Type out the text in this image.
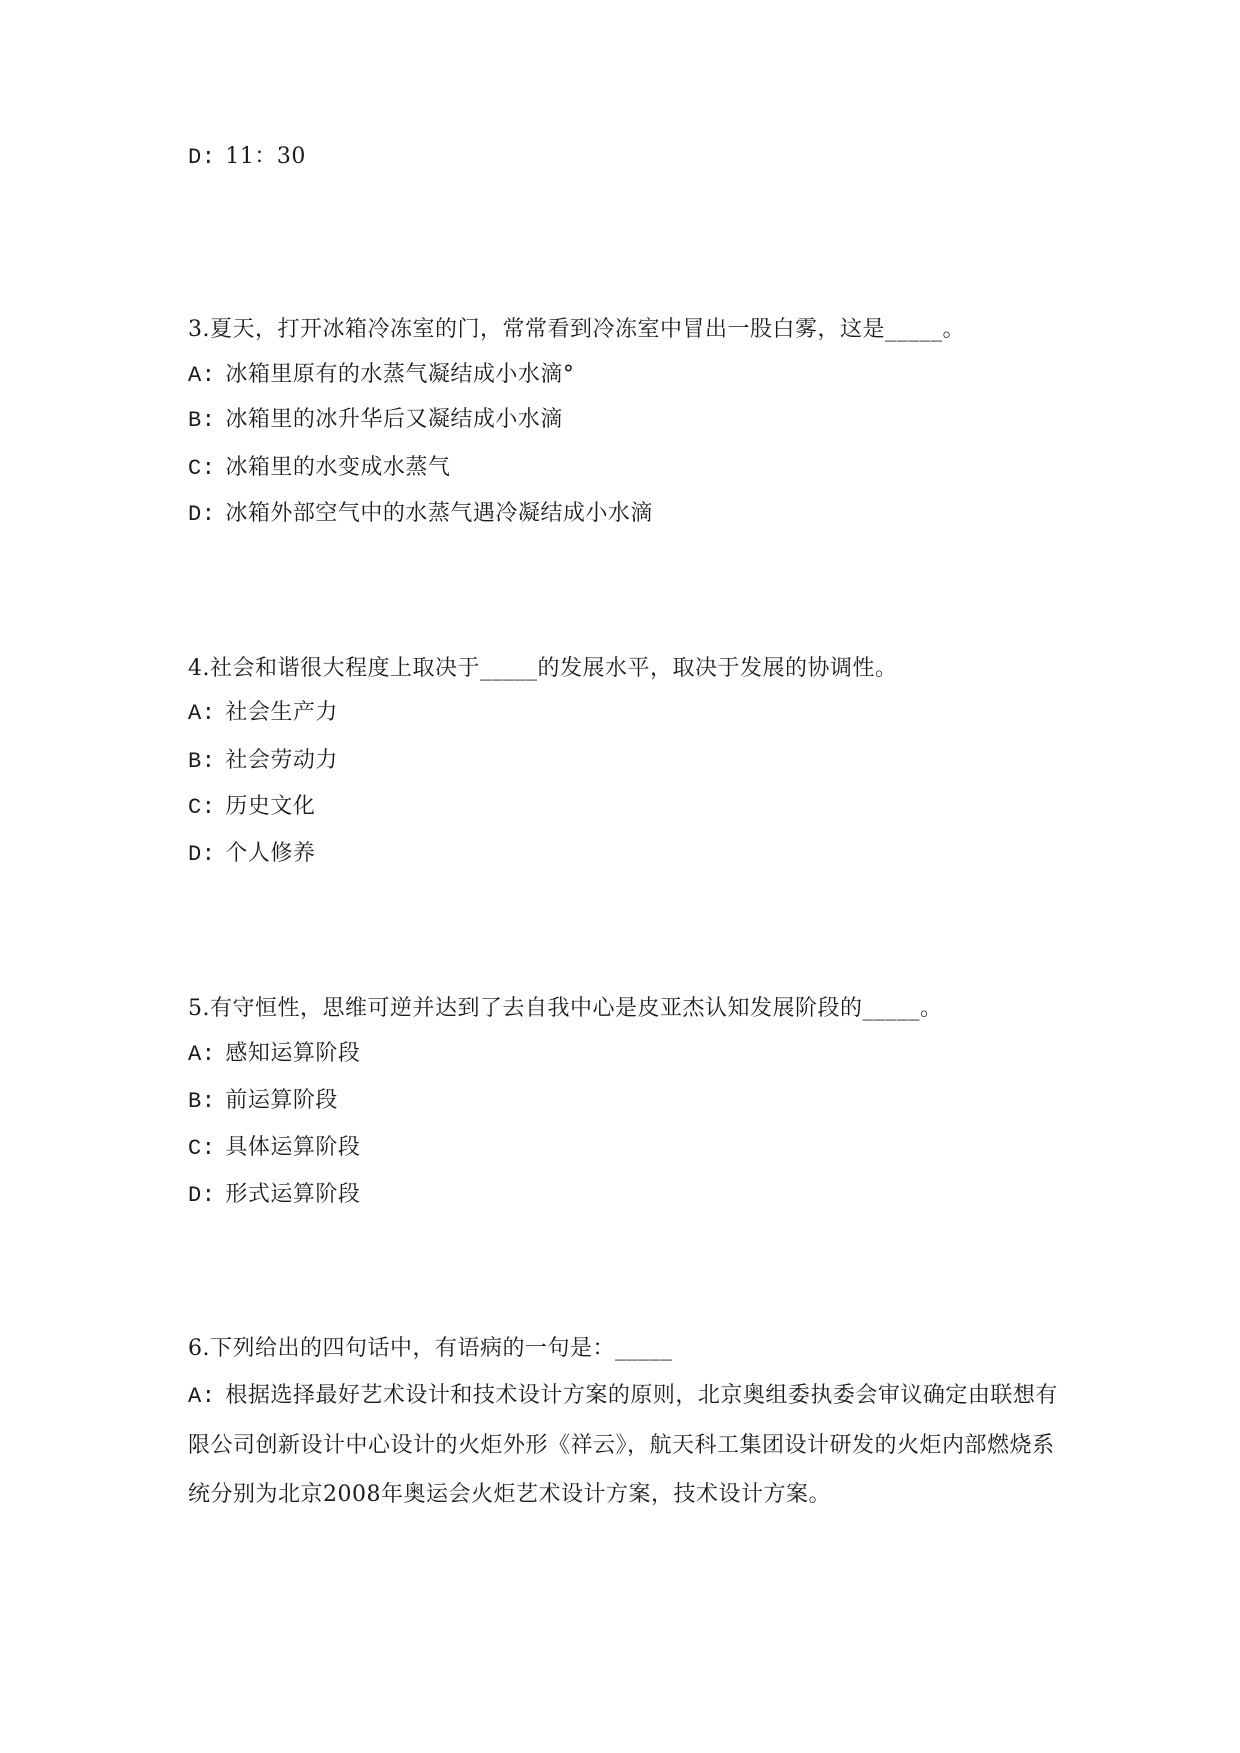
D: 11：30
3.夏天，打开冰箱冷冻室的门，常常看到冷冻室中冒出一股白雾，这是_____。
A: 冰箱里原有的水蒸气凝结成小水滴°
B: 冰箱里的冰升华后又凝结成小水滴
C: 冰箱里的水变成水蒸气
D: 冰箱外部空气中的水蒸气遇冷凝结成小水滴
4.社会和谐很大程度上取决于_____的发展水平，取决于发展的协调性。
A: 社会生产力
B: 社会劳动力
C: 历史文化
D: 个人修养
5.有守恒性，思维可逆并达到了去自我中心是皮亚杰认知发展阶段的_____。
A: 感知运算阶段
B: 前运算阶段
C: 具体运算阶段
D: 形式运算阶段
6.下列给出的四句话中，有语病的一句是：_____
A: 根据选择最好艺术设计和技术设计方案的原则，北京奥组委执委会审议确定由联想有限公司创新设计中心设计的火炬外形《祥云》，航天科工集团设计研发的火炬内部燃烧系统分别为北京2008年奥运会火炬艺术设计方案，技术设计方案。
